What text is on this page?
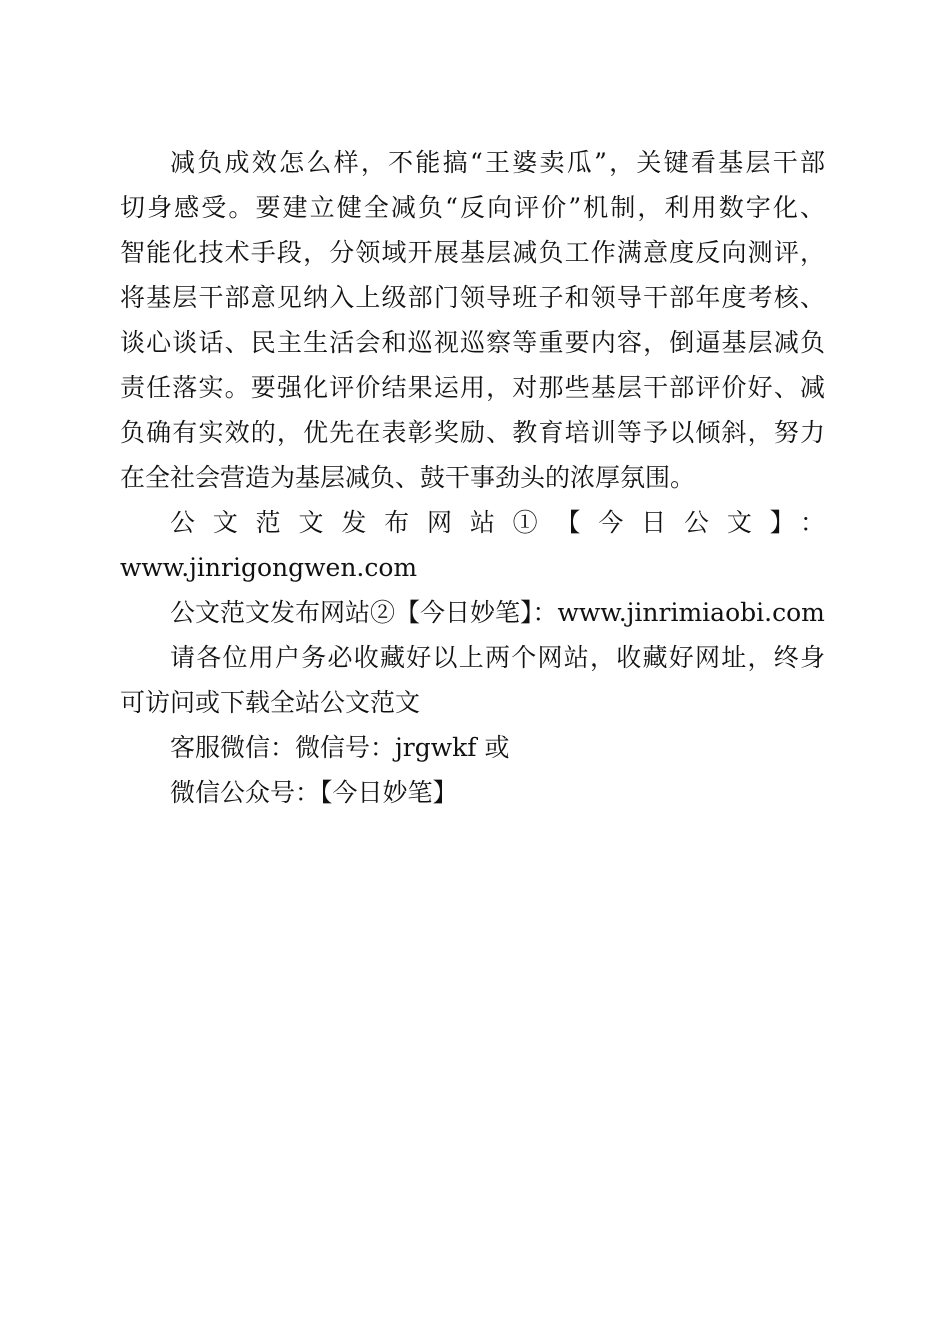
减负成效怎么样，不能搞“王婆卖瓜”，关键看基层干部
切身感受。要建立健全减负“反向评价”机制，利用数字化、
智能化技术手段，分领域开展基层减负工作满意度反向测评，
将基层干部意见纳入上级部门领导班子和领导干部年度考核、
谈心谈话、民主生活会和巡视巡察等重要内容，倒逼基层减负
责任落实。要强化评价结果运用，对那些基层干部评价好、减
负确有实效的，优先在表彰奖励、教育培训等予以倾斜，努力
在全社会营造为基层减负、鼓干事劲头的浓厚氛围。
公文范文发布网站①【今日公文】：
www.jinrigongwen.com
公文范文发布网站②【今日妙笔】：www.jinrimiaobi.com
请各位用户务必收藏好以上两个网站，收藏好网址，终身
可访问或下载全站公文范文
客服微信：微信号：jrgwkf 或
微信公众号：【今日妙笔】
